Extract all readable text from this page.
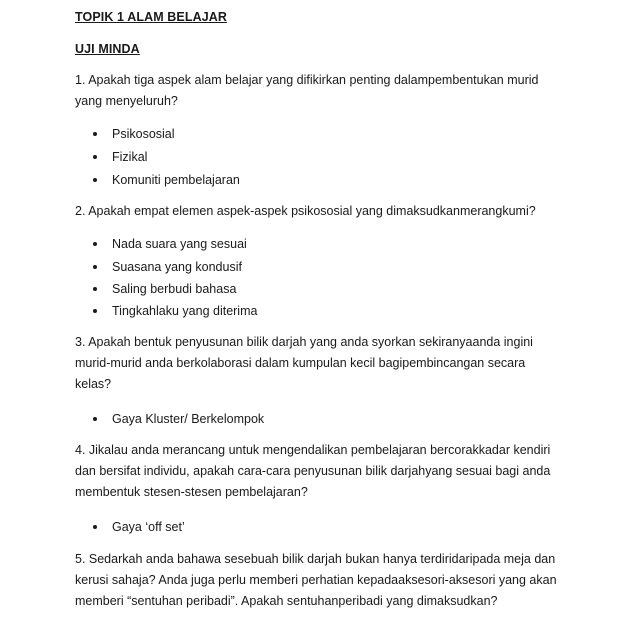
TOPIK 1 ALAM BELAJAR
UJI MINDA
1. Apakah tiga aspek alam belajar yang difikirkan penting dalampembentukan murid
yang menyeluruh?
Psikososial
Fizikal
Komuniti pembelajaran
2. Apakah empat elemen aspek-aspek psikososial yang dimaksudkanmerangkumi?
Nada suara yang sesuai
Suasana yang kondusif
Saling berbudi bahasa
Tingkahlaku yang diterima
3. Apakah bentuk penyusunan bilik darjah yang anda syorkan sekiranyaanda ingini
murid-murid anda berkolaborasi dalam kumpulan kecil bagipembincangan secara
kelas?
Gaya Kluster/ Berkelompok
4. Jikalau anda merancang untuk mengendalikan pembelajaran bercorakkadar kendiri
dan bersifat individu, apakah cara-cara penyusunan bilik darjahyang sesuai bagi anda
membentuk stesen-stesen pembelajaran?
Gaya ‘off set’
5. Sedarkah anda bahawa sesebuah bilik darjah bukan hanya terdiridaripada meja dan
kerusi sahaja? Anda juga perlu memberi perhatian kepadaaksesori-aksesori yang akan
memberi “sentuhan peribadi”. Apakah sentuhanperibadi yang dimaksudkan?
